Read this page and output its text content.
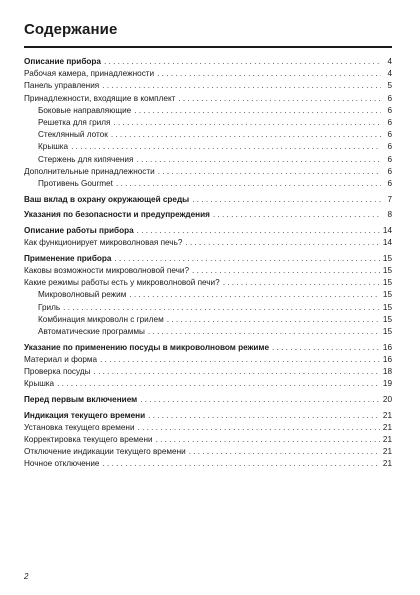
Содержание
Описание прибора . . .	4
Рабочая камера, принадлежности . . .	4
Панель управления . . .	5
Принадлежности, входящие в комплект . . .	6
Боковые направляющие . . .	6
Решетка для гриля . . .	6
Стеклянный лоток . . .	6
Крышка . . .	6
Стержень для кипячения . . .	6
Дополнительные принадлежности . . .	6
Противень Gourmet . . .	6
Ваш вклад в охрану окружающей среды . . .	7
Указания по безопасности и предупреждения . . .	8
Описание работы прибора . . .	14
Как функционирует микроволновая печь? . . .	14
Применение прибора . . .	15
Каковы возможности микроволновой печи? . . .	15
Какие режимы работы есть у микроволновой печи? . . .	15
Микроволновый режим . . .	15
Гриль . . .	15
Комбинация микроволн с грилем . . .	15
Автоматические программы . . .	15
Указание по применению посуды в микроволновом режиме . . .	16
Материал и форма . . .	16
Проверка посуды . . .	18
Крышка . . .	19
Перед первым включением . . .	20
Индикация текущего времени . . .	21
Установка текущего времени . . .	21
Корректировка текущего времени . . .	21
Отключение индикации текущего времени . . .	21
Ночное отключение . . .	21
2
